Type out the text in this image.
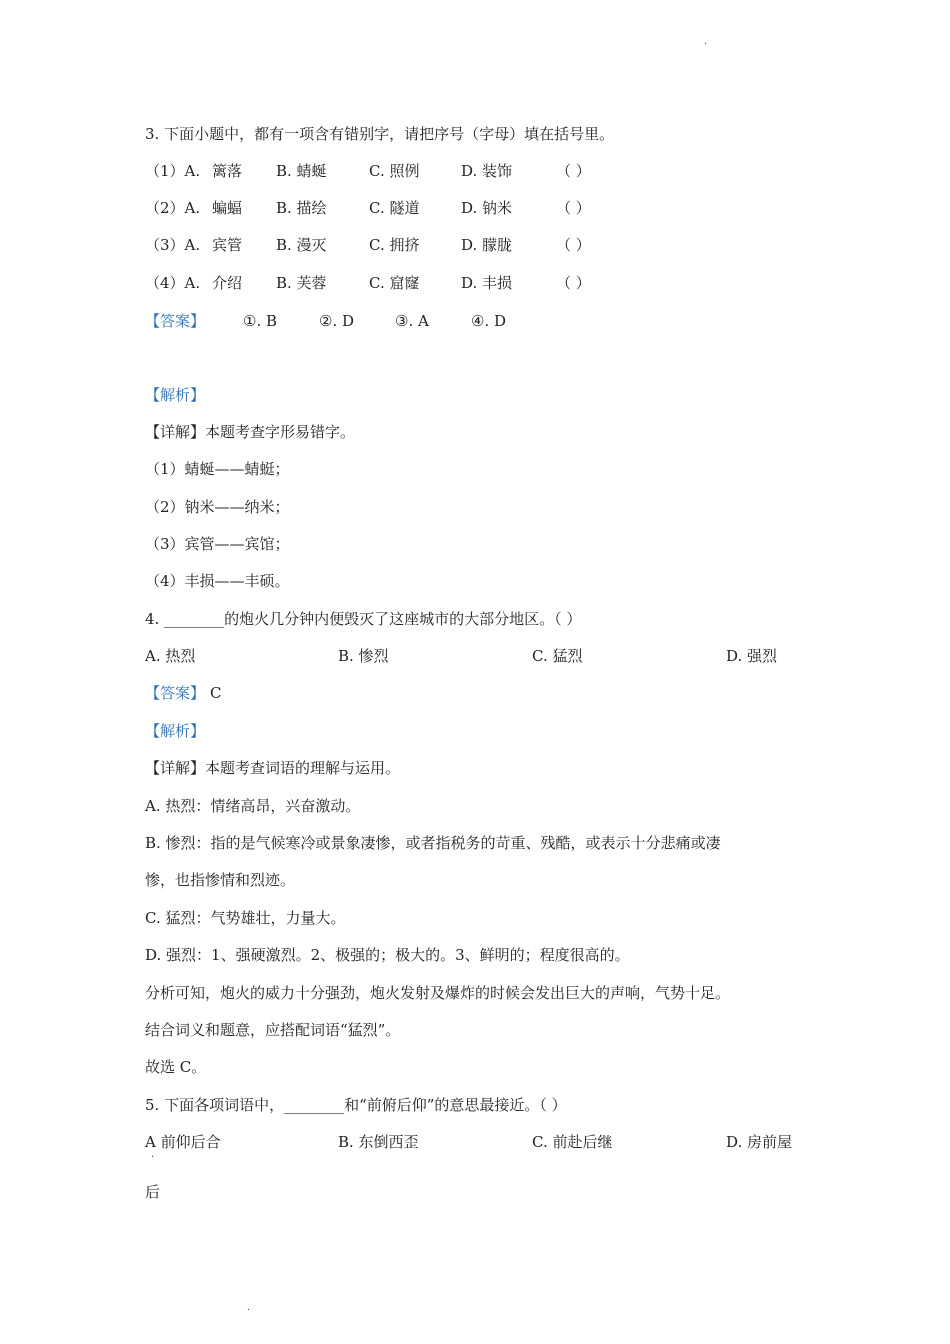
·
3. 下面小题中，都有一项含有错别字，请把序号（字母）填在括号里。
（1）A. 篱落 B. 蜻蜒	C. 照例	D. 装饰	（ ）
（2）A. 蝙蝠 B. 描绘	C. 隧道	D. 钠米	（ ）
（3）A. 宾管 B. 漫灭	C. 拥挤	D. 朦胧	（ ）
（4）A. 介绍 B. 芙蓉	C. 窟窿	D. 丰损	（ ）
【答案】	①. B	②. D	③. A	④. D
【解析】
【详解】本题考查字形易错字。
（1）蜻蜒——蜻蜓；
（2）钠米——纳米；
（3）宾管——宾馆；
（4）丰损——丰硕。
4. ________的炮火几分钟内便毁灭了这座城市的大部分地区。（ ）
A. 热烈	B. 惨烈	C. 猛烈	D. 强烈
【答案】 C
【解析】
【详解】本题考查词语的理解与运用。
A. 热烈：情绪高昂，兴奋激动。
B. 惨烈：指的是气候寒冷或景象凄惨，或者指税务的苛重、残酷，或表示十分悲痛或凄
惨，也指惨情和烈迹。
C. 猛烈：气势雄壮，力量大。
D. 强烈：1、强硬激烈。2、极强的；极大的。3、鲜明的；程度很高的。
分析可知，炮火的威力十分强劲，炮火发射及爆炸的时候会发出巨大的声响，气势十足。
结合词义和题意，应搭配词语“猛烈”。
故选 C。
5. 下面各项词语中，________和“前俯后仰”的意思最接近。（ ）
A 前仰后合	B. 东倒西歪	C. 前赴后继	D. 房前屋
·
后
·
